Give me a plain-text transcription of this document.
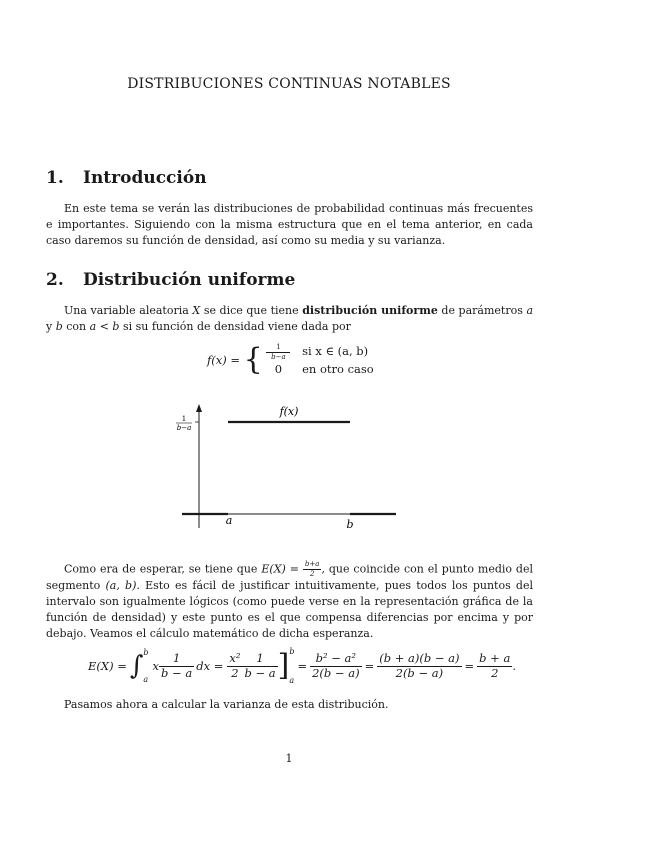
DISTRIBUCIONES CONTINUAS NOTABLES
1. Introducción
En este tema se verán las distribuciones de probabilidad continuas más frecuentes e importantes. Siguiendo con la misma estructura que en el tema anterior, en cada caso daremos su función de densidad, así como su media y su varianza.
2. Distribución uniforme
Una variable aleatoria X se dice que tiene distribución uniforme de parámetros a y b con a < b si su función de densidad viene dada por
f(x) = { $\frac{1}{b-a}$ si x ∈ (a, b)
0 en otro caso
f(x)
1
b−a
a	b
Como era de esperar, se tiene que $E(X) = \frac{b+a}{2}$ , que coincide con el punto medio del segmento (a, b). Esto es fácil de justificar intuitivamente, pues todos los puntos del intervalo son igualmente lógicos (como puede verse en la representación gráfica de la función de densidad) y este punto es el que compensa diferencias por encima y por debajo. Veamos el cálculo matemático de dicha esperanza.
E(X) = ∫ b
a
x $\frac{1}{b - a}$ dx = $\frac{\text{x²}}{2} \frac{1}{b - a}$ ] b
a
= $\frac{\text{b² − a²}}{2(b - a)} = \frac{(b + a)(b - a)}{2(b - a)} = \frac{b + a}{2}$ .
Pasamos ahora a calcular la varianza de esta distribución.
1
